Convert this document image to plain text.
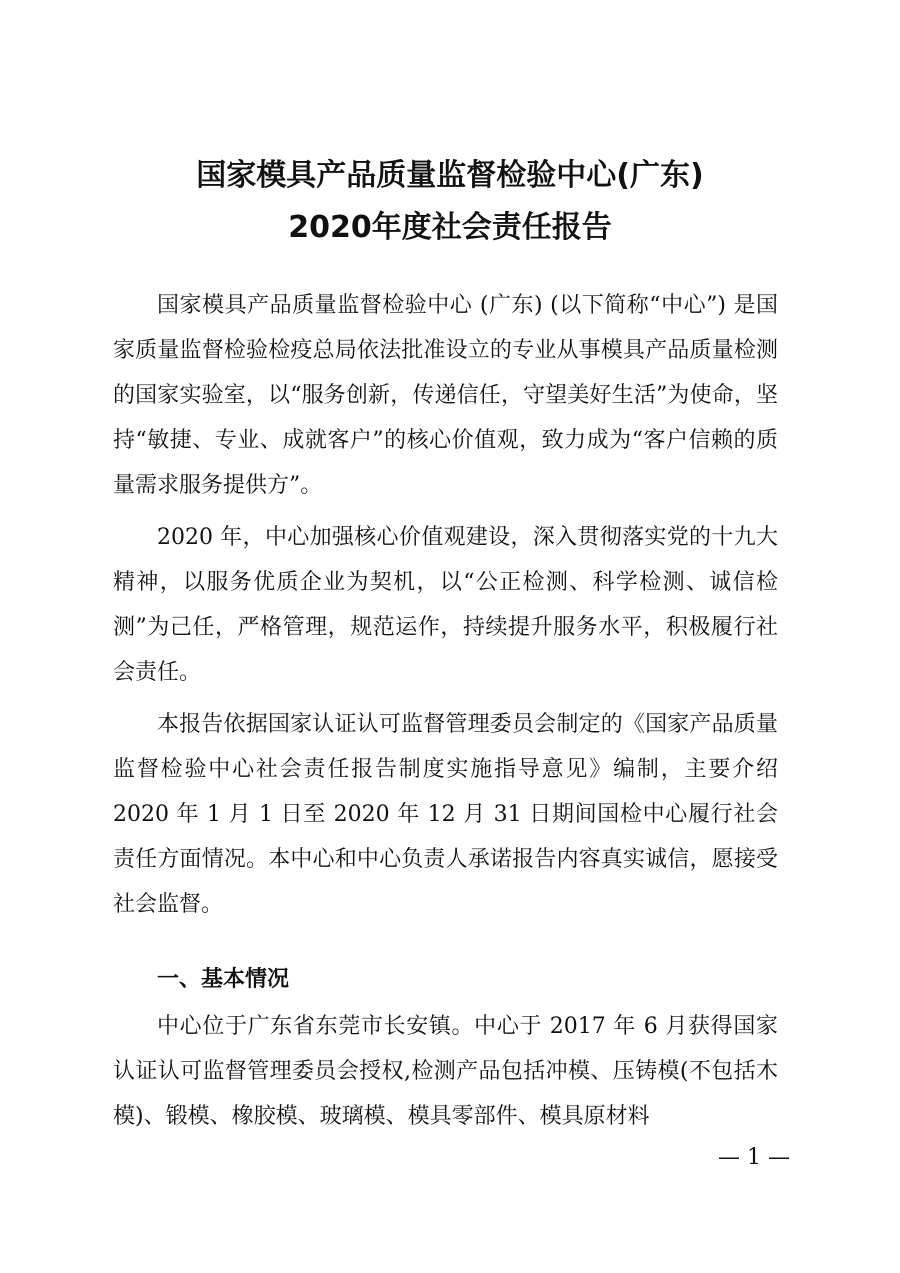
国家模具产品质量监督检验中心(广东)
2020年度社会责任报告

国家模具产品质量监督检验中心 (广东) (以下简称“中心”) 是国家质量监督检验检疫总局依法批准设立的专业从事模具产品质量检测的国家实验室，以“服务创新，传递信任，守望美好生活”为使命，坚持“敏捷、专业、成就客户”的核心价值观，致力成为“客户信赖的质量需求服务提供方”。

2020 年，中心加强核心价值观建设，深入贯彻落实党的十九大精神，以服务优质企业为契机，以“公正检测、科学检测、诚信检测”为己任，严格管理，规范运作，持续提升服务水平，积极履行社会责任。

本报告依据国家认证认可监督管理委员会制定的《国家产品质量监督检验中心社会责任报告制度实施指导意见》编制，主要介绍 2020 年 1 月 1 日至 2020 年 12 月 31 日期间国检中心履行社会责任方面情况。本中心和中心负责人承诺报告内容真实诚信，愿接受社会监督。

一、基本情况

中心位于广东省东莞市长安镇。中心于 2017 年 6 月获得国家认证认可监督管理委员会授权,检测产品包括冲模、压铸模(不包括木模)、锻模、橡胶模、玻璃模、模具零部件、模具原材料

— 1 —
